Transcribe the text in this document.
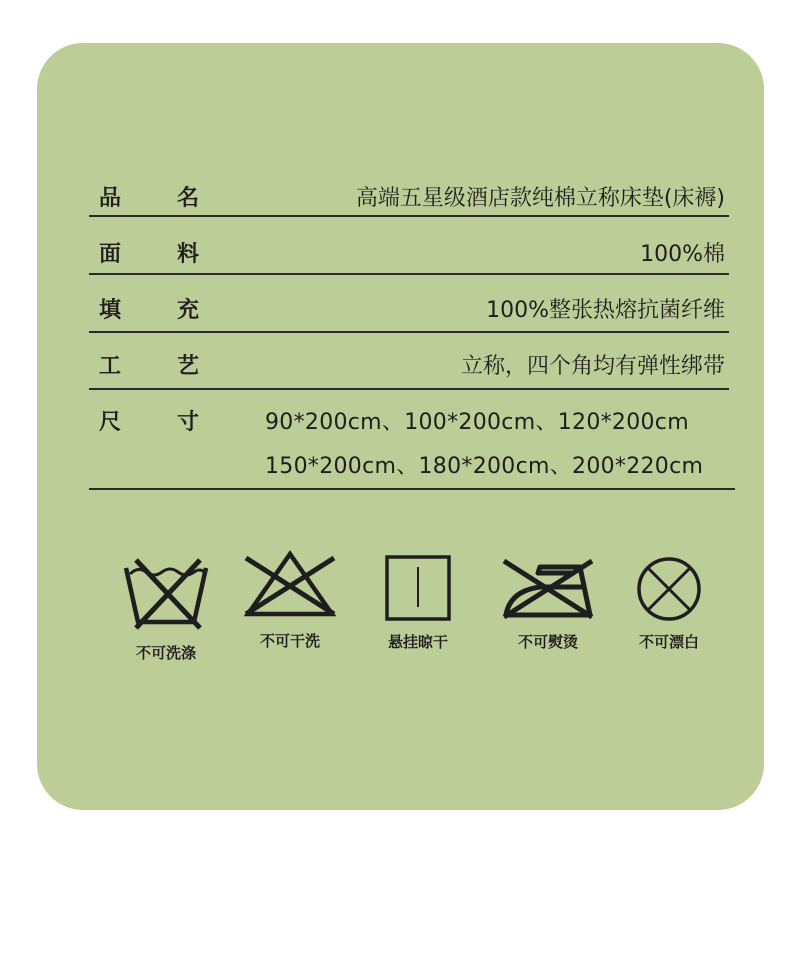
品	名	高端五星级酒店款纯棉立称床垫(床褥)
面	料	100%棉
填	充	100%整张热熔抗菌纤维
工	艺	立称，四个角均有弹性绑带
尺	寸	90*200cm、100*200cm、120*200cm
150*200cm、180*200cm、200*220cm
不可洗涤
不可干洗	悬挂晾干	不可熨烫	不可漂白
